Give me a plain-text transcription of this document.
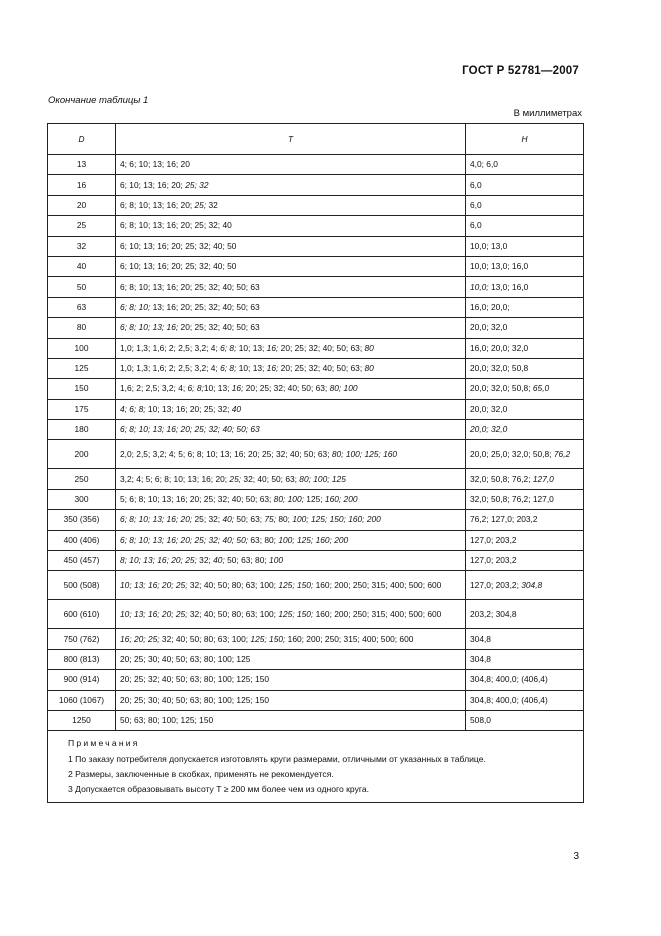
ГОСТ Р 52781—2007
Окончание таблицы 1
В миллиметрах
D	T	H
13	4; 6; 10; 13; 16; 20	4,0; 6,0
16	6; 10; 13; 16; 20; 25; 32	6,0
20	6; 8; 10; 13; 16; 20; 25; 32	6,0
25	6; 8; 10; 13; 16; 20; 25; 32; 40	6,0
32	6; 10; 13; 16; 20; 25; 32; 40; 50	10,0; 13,0
40	6; 10; 13; 16; 20; 25; 32; 40; 50	10,0; 13,0; 16,0
50	6; 8; 10; 13; 16; 20; 25; 32; 40; 50; 63	10,0; 13,0; 16,0
63	6; 8; 10; 13; 16; 20; 25; 32; 40; 50; 63	16,0; 20,0;
80	6; 8; 10; 13; 16; 20; 25; 32; 40; 50; 63	20,0; 32,0
100	1,0; 1,3; 1,6; 2; 2,5; 3,2; 4; 6; 8; 10; 13; 16; 20; 25; 32; 40; 50; 63; 80	16,0; 20,0; 32,0
125	1,0; 1,3; 1,6; 2; 2,5; 3,2; 4; 6; 8; 10; 13; 16; 20; 25; 32; 40; 50; 63; 80	20,0; 32,0; 50,8
150	1,6; 2; 2,5; 3,2; 4; 6; 8;10; 13; 16; 20; 25; 32; 40; 50; 63; 80; 100	20,0; 32,0; 50,8; 65,0
175	4; 6; 8; 10; 13; 16; 20; 25; 32; 40	20,0; 32,0
180	6; 8; 10; 13; 16; 20; 25; 32; 40; 50; 63	20,0; 32,0
200	2,0; 2,5; 3,2; 4; 5; 6; 8; 10; 13; 16; 20; 25; 32; 40; 50; 63; 80; 100; 125; 160	20,0; 25,0; 32,0; 50,8; 76,2
250	3,2; 4; 5; 6; 8; 10; 13; 16; 20; 25; 32; 40; 50; 63; 80; 100; 125	32,0; 50,8; 76,2; 127,0
300	5; 6; 8; 10; 13; 16; 20; 25; 32; 40; 50; 63; 80; 100; 125; 160; 200	32,0; 50,8; 76,2; 127,0
350 (356)	6; 8; 10; 13; 16; 20; 25; 32; 40; 50; 63; 75; 80; 100; 125; 150; 160; 200	76,2; 127,0; 203,2
400 (406)	6; 8; 10; 13; 16; 20; 25; 32; 40; 50; 63; 80; 100; 125; 160; 200	127,0; 203,2
450 (457)	8; 10; 13; 16; 20; 25; 32; 40; 50; 63; 80; 100	127,0; 203,2
500 (508)	10; 13; 16; 20; 25; 32; 40; 50; 80; 63; 100; 125; 150; 160; 200; 250; 315; 400; 500; 600	127,0; 203,2; 304,8
600 (610)	10; 13; 16; 20; 25; 32; 40; 50; 80; 63; 100; 125; 150; 160; 200; 250; 315; 400; 500; 600	203,2; 304,8
750 (762)	16; 20; 25; 32; 40; 50; 80; 63; 100; 125; 150; 160; 200; 250; 315; 400; 500; 600	304,8
800 (813)	20; 25; 30; 40; 50; 63; 80; 100; 125	304,8
900 (914)	20; 25; 32; 40; 50; 63; 80; 100; 125; 150	304,8; 400,0; (406,4)
1060 (1067)	20; 25; 30; 40; 50; 63; 80; 100; 125; 150	304,8; 400,0; (406,4)
1250	50; 63; 80; 100; 125; 150	508,0

Примечания
1 По заказу потребителя допускается изготовлять круги размерами, отличными от указанных в таблице.
2 Размеры, заключенные в скобках, применять не рекомендуется.
3 Допускается образовывать высоту T ≥ 200 мм более чем из одного круга.		
3
